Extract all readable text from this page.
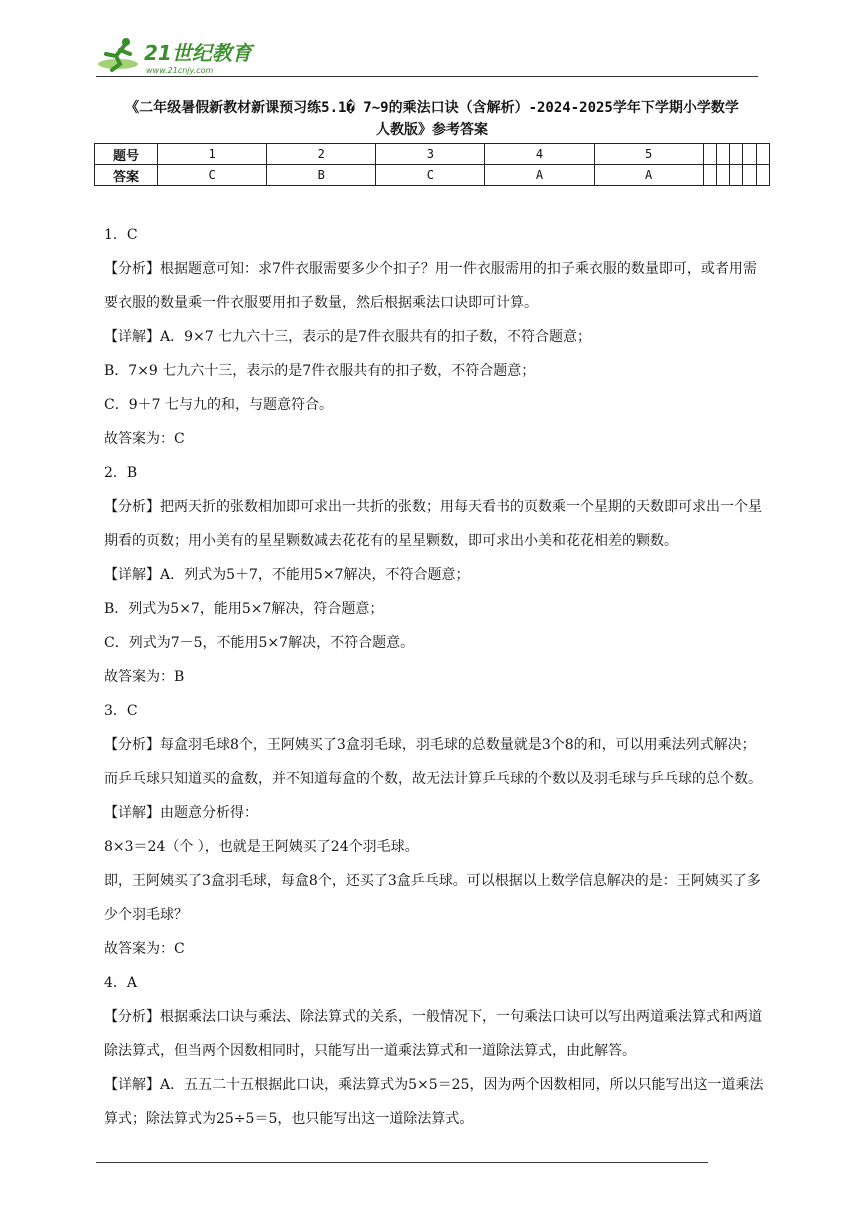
21世纪教育
www.21cnjy.com
《二年级暑假新教材新课预习练5.1� 7~9的乘法口诀（含解析）-2024-2025学年下学期小学数学
人教版》参考答案
题号	1	2	3	4	5					
答案	C	B	C	A	A					

1．C

【分析】根据题意可知：求7件衣服需要多少个扣子？用一件衣服需用的扣子乘衣服的数量即可，或者用需要衣服的数量乘一件衣服要用扣子数量，然后根据乘法口诀即可计算。

【详解】A．9×7 七九六十三，表示的是7件衣服共有的扣子数，不符合题意；

B．7×9 七九六十三，表示的是7件衣服共有的扣子数，不符合题意；

C．9＋7 七与九的和，与题意符合。

故答案为：C

2．B

【分析】把两天折的张数相加即可求出一共折的张数；用每天看书的页数乘一个星期的天数即可求出一个星期看的页数；用小美有的星星颗数减去花花有的星星颗数，即可求出小美和花花相差的颗数。

【详解】A．列式为5＋7，不能用5×7解决，不符合题意；

B．列式为5×7，能用5×7解决，符合题意；

C．列式为7－5，不能用5×7解决，不符合题意。

故答案为：B

3．C

【分析】每盒羽毛球8个，王阿姨买了3盒羽毛球，羽毛球的总数量就是3个8的和，可以用乘法列式解决；而乒乓球只知道买的盒数，并不知道每盒的个数，故无法计算乒乓球的个数以及羽毛球与乒乓球的总个数。

【详解】由题意分析得：

8×3＝24（个 ），也就是王阿姨买了24个羽毛球。

即，王阿姨买了3盒羽毛球，每盒8个，还买了3盒乒乓球。可以根据以上数学信息解决的是：王阿姨买了多少个羽毛球？

故答案为：C

4．A

【分析】根据乘法口诀与乘法、除法算式的关系，一般情况下，一句乘法口诀可以写出两道乘法算式和两道除法算式，但当两个因数相同时，只能写出一道乘法算式和一道除法算式，由此解答。

【详解】A．五五二十五根据此口诀，乘法算式为5×5＝25，因为两个因数相同，所以只能写出这一道乘法算式；除法算式为25÷5＝5，也只能写出这一道除法算式。
